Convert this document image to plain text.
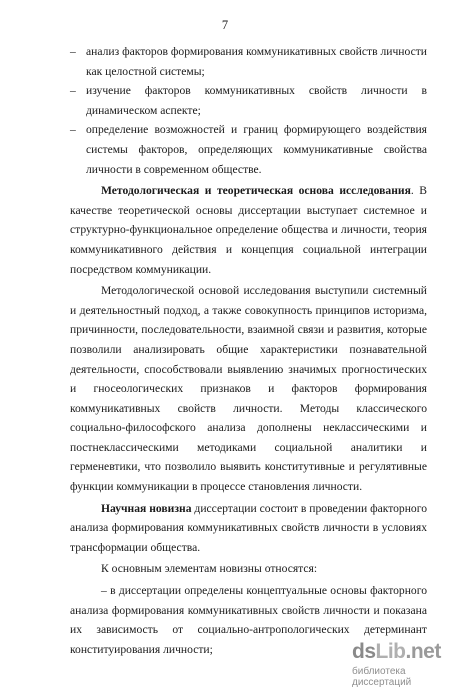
7

– анализ факторов формирования коммуникативных свойств личности как целостной системы;

– изучение факторов коммуникативных свойств личности в динамическом аспекте;

– определение возможностей и границ формирующего воздействия системы факторов, определяющих коммуникативные свойства личности в современном обществе.

Методологическая и теоретическая основа исследования. В качестве теоретической основы диссертации выступает системное и структурно-функциональное определение общества и личности, теория коммуникативного действия и концепция социальной интеграции посредством коммуникации.

Методологической основой исследования выступили системный и деятельностный подход, а также совокупность принципов историзма, причинности, последовательности, взаимной связи и развития, которые позволили анализировать общие характеристики познавательной деятельности, способствовали выявлению значимых прогностических и гносеологических признаков и факторов формирования коммуникативных свойств личности. Методы классического социально-философского анализа дополнены неклассическими и постнеклассическими методиками социальной аналитики и герменевтики, что позволило выявить конститутивные и регулятивные функции коммуникации в процессе становления личности.

Научная новизна диссертации состоит в проведении факторного анализа формирования коммуникативных свойств личности в условиях трансформации общества.

К основным элементам новизны относятся:

– в диссертации определены концептуальные основы факторного анализа формирования коммуникативных свойств личности и показана их зависимость от социально-антропологических детерминант конституирования личности;	dsLib.net
библиотека диссертаций
